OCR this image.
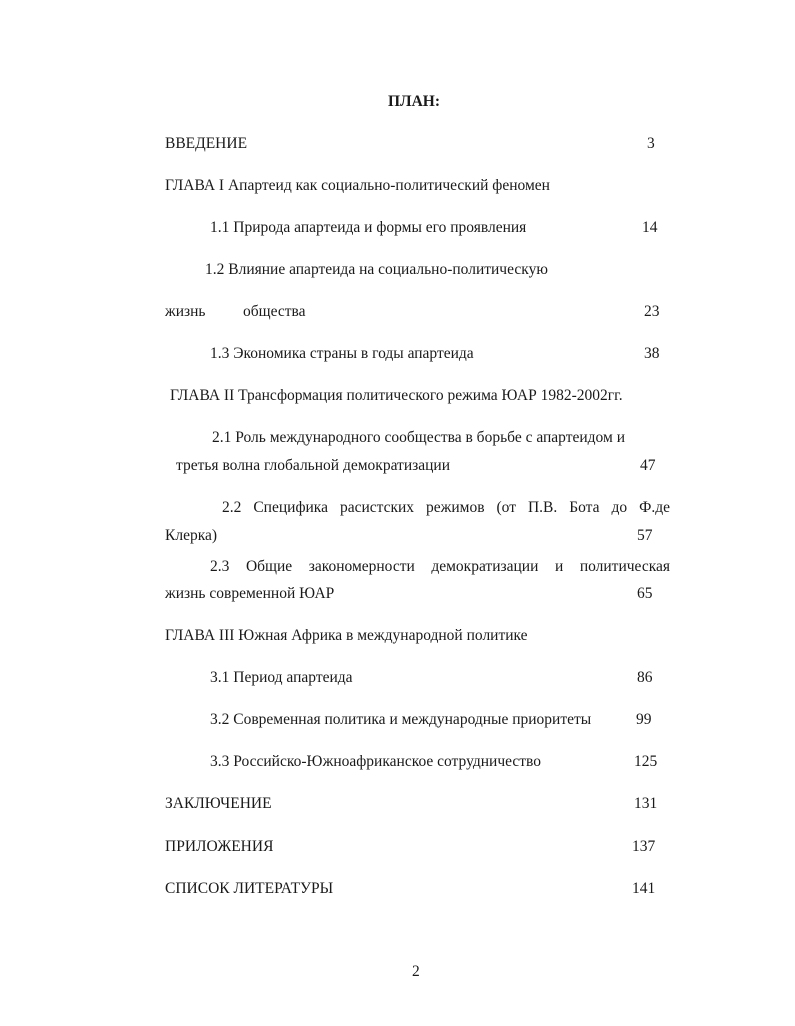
ПЛАН:
ВВЕДЕНИЕ	3
ГЛАВА I Апартеид как социально-политический феномен
1.1 Природа апартеида и формы его проявления	14
1.2 Влияние апартеида на социально-политическую
жизнь общества	23
1.3 Экономика страны в годы апартеида	38
ГЛАВА II Трансформация политического режима ЮАР 1982-2002гг.
2.1 Роль международного сообщества в борьбе с апартеидом и
третья волна глобальной демократизации	47
2.2 Специфика расистских режимов (от П.В. Бота до Ф.де
Клерка)	57
2.3 Общие закономерности демократизации и политическая
жизнь современной ЮАР	65
ГЛАВА III Южная Африка в международной политике
3.1 Период апартеида	86
3.2 Современная политика и международные приоритеты	99
3.3 Российско-Южноафриканское сотрудничество	125
ЗАКЛЮЧЕНИЕ	131
ПРИЛОЖЕНИЯ	137
СПИСОК ЛИТЕРАТУРЫ	141
2
